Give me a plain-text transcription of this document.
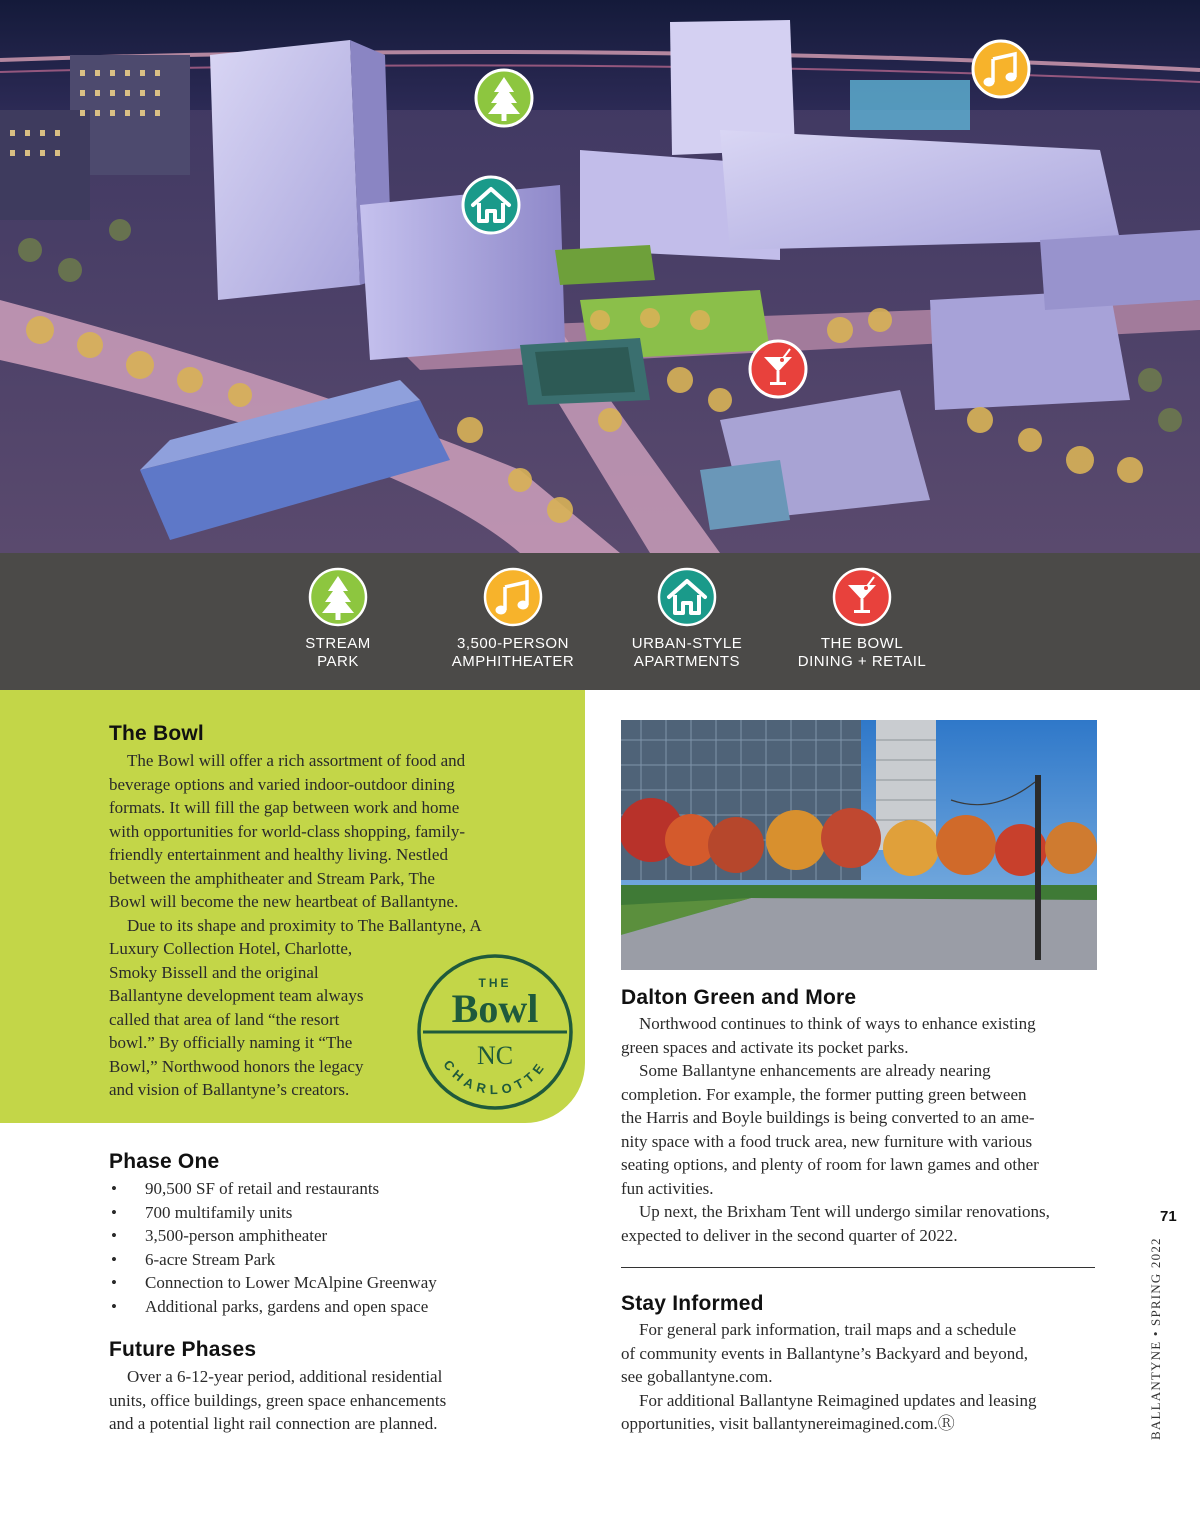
STREAM
PARK
3,500-PERSON
AMPHITHEATER
URBAN-STYLE
APARTMENTS
THE BOWL
DINING + RETAIL
The Bowl
The Bowl will offer a rich assortment of food and
beverage options and varied indoor-outdoor dining
formats. It will fill the gap between work and home
with opportunities for world-class shopping, family-
friendly entertainment and healthy living. Nestled
between the amphitheater and Stream Park, The
Bowl will become the new heartbeat of Ballantyne.
Due to its shape and proximity to The Ballantyne, A
Luxury Collection Hotel, Charlotte,
Smoky Bissell and the original
Ballantyne development team always
called that area of land “the resort
bowl.” By officially naming it “The
Bowl,” Northwood honors the legacy
and vision of Ballantyne’s creators.
THE
Bowl
NC
CHARLOTTE
Phase One
• 90,500 SF of retail and restaurants
• 700 multifamily units
• 3,500-person amphitheater
• 6-acre Stream Park
• Connection to Lower McAlpine Greenway
• Additional parks, gardens and open space
Future Phases
Over a 6-12-year period, additional residential
units, office buildings, green space enhancements
and a potential light rail connection are planned.
Dalton Green and More
Northwood continues to think of ways to enhance existing
green spaces and activate its pocket parks.
Some Ballantyne enhancements are already nearing
completion. For example, the former putting green between
the Harris and Boyle buildings is being converted to an ame-
nity space with a food truck area, new furniture with various
seating options, and plenty of room for lawn games and other
fun activities.
Up next, the Brixham Tent will undergo similar renovations,
expected to deliver in the second quarter of 2022.
Stay Informed
For general park information, trail maps and a schedule
of community events in Ballantyne’s Backyard and beyond,
see goballantyne.com.
For additional Ballantyne Reimagined updates and leasing
opportunities, visit ballantynereimagined.com.Ⓡ
71
BALLANTYNE • SPRING 2022
